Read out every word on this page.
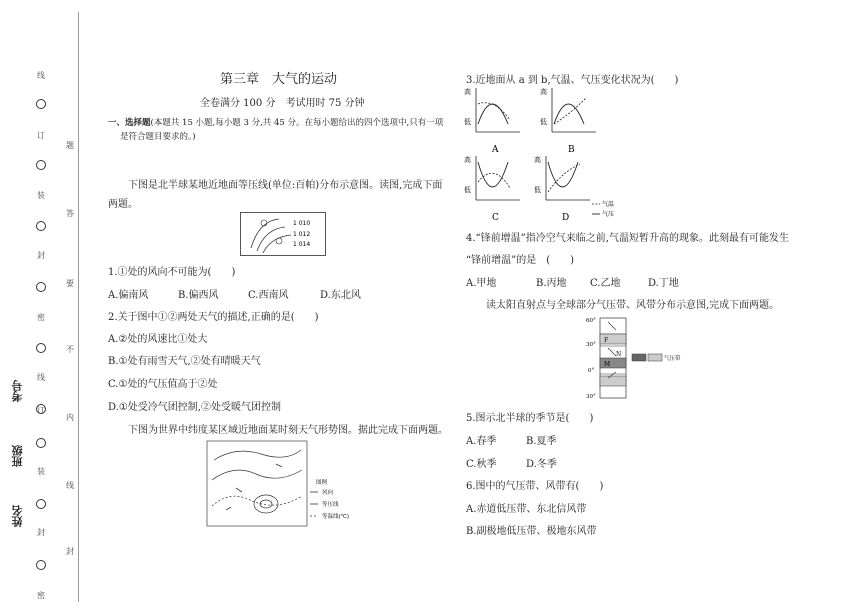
线
订
装
封
密
线
订
装
封
密
题
答
要
不
内
线
封
考号
班级
姓名
第三章　大气的运动
全卷满分 100 分　考试用时 75 分钟
一、选择题(本题共 15 小题,每小题 3 分,共 45 分。在每小题给出的四个选项中,只有一项
是符合题目要求的。)
下图是北半球某地近地面等压线(单位:百帕)分布示意图。读图,完成下面
两题。
1 010
1 012
1 014
1.①处的风向不可能为(　　)
A.偏南风	B.偏西风	C.西南风	D.东北风
2.关于图中①②两处天气的描述,正确的是(　　)
A.②处的风速比①处大
B.①处有雨雪天气,②处有晴暖天气
C.①处的气压值高于②处
D.①处受冷气团控制,②处受暖气团控制
下图为世界中纬度某区域近地面某时刻天气形势图。据此完成下面两题。
图例
风向
等压线
等温线(℃)
3.近地面从 a 到 b,气温、气压变化状况为(　　)
高
低
A
高
低
B
高
低
C
高
低
D
气温
气压
4.“锋前增温”指冷空气来临之前,气温短暂升高的现象。此刻最有可能发生
“锋前增温”的是　(　　)
A.甲地	B.丙地 C.乙地	D.丁地
读太阳直射点与全球部分气压带、风带分布示意图,完成下面两题。
60°
30°
0°
30°
F
N
M
气压带
5.图示北半球的季节是(　　)
A.春季	B.夏季
C.秋季	D.冬季
6.图中的气压带、风带有(　　)
A.赤道低压带、东北信风带
B.副极地低压带、极地东风带
